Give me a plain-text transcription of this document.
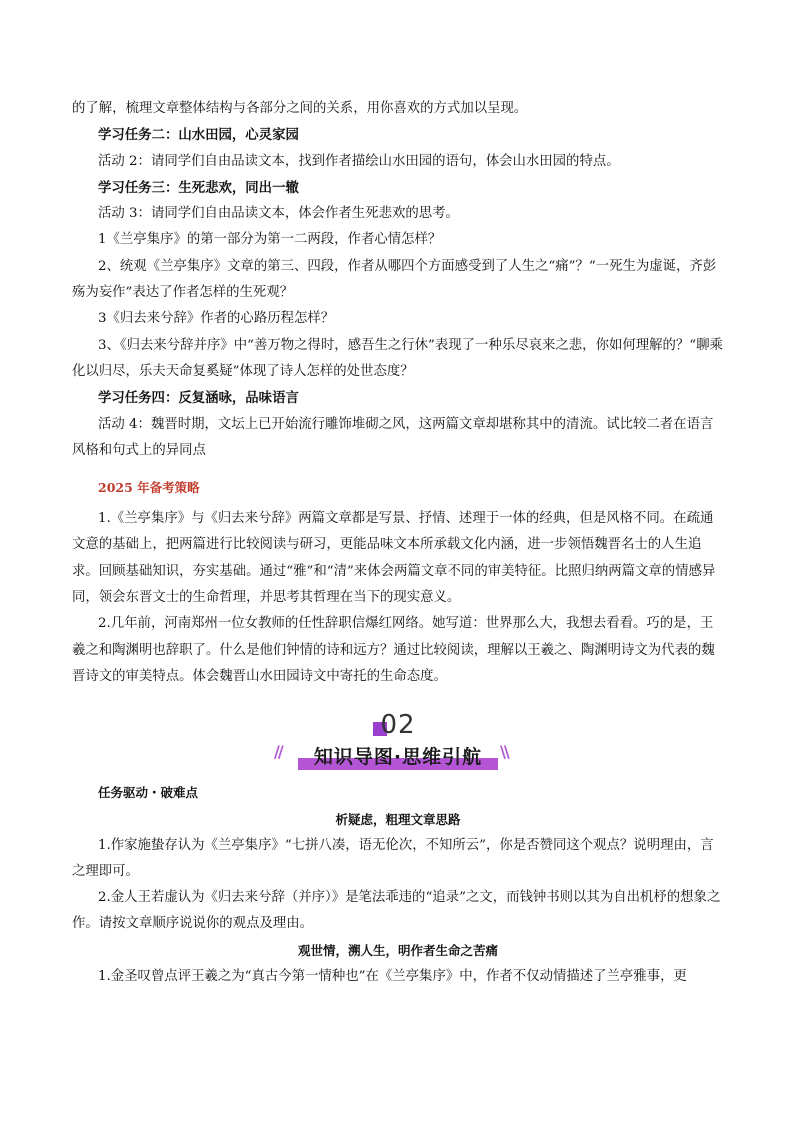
的了解，梳理文章整体结构与各部分之间的关系，用你喜欢的方式加以呈现。

学习任务二：山水田园，心灵家园

活动 2：请同学们自由品读文本，找到作者描绘山水田园的语句，体会山水田园的特点。

学习任务三：生死悲欢，同出一辙

活动 3：请同学们自由品读文本，体会作者生死悲欢的思考。

1《兰亭集序》的第一部分为第一二两段，作者心情怎样？

2、统观《兰亭集序》文章的第三、四段，作者从哪四个方面感受到了人生之“痛”？“一死生为虚诞，齐彭殇为妄作”表达了作者怎样的生死观？

3《归去来兮辞》作者的心路历程怎样？

3、《归去来兮辞并序》中“善万物之得时，感吾生之行休”表现了一种乐尽哀来之悲，你如何理解的？“聊乘化以归尽，乐夫天命复奚疑”体现了诗人怎样的处世态度？

学习任务四：反复涵咏，品味语言

活动 4：魏晋时期，文坛上已开始流行雕饰堆砌之风，这两篇文章却堪称其中的清流。试比较二者在语言风格和句式上的异同点

2025 年备考策略

1.《兰亭集序》与《归去来兮辞》两篇文章都是写景、抒情、述理于一体的经典，但是风格不同。在疏通文意的基础上，把两篇进行比较阅读与研习，更能品味文本所承载文化内涵，进一步领悟魏晋名士的人生追求。回顾基础知识，夯实基础。通过“雅”和“清”来体会两篇文章不同的审美特征。比照归纳两篇文章的情感异同，领会东晋文士的生命哲理，并思考其哲理在当下的现实意义。

2.几年前，河南郑州一位女教师的任性辞职信爆红网络。她写道：世界那么大，我想去看看。巧的是，王羲之和陶渊明也辞职了。什么是他们钟情的诗和远方？通过比较阅读，理解以王羲之、陶渊明诗文为代表的魏晋诗文的审美特点。体会魏晋山水田园诗文中寄托的生命态度。

02
//	知识导图·思维引航	\\

任务驱动・破难点

析疑虑，粗理文章思路

1.作家施蛰存认为《兰亭集序》“七拼八凑，语无伦次，不知所云”，你是否赞同这个观点？说明理由，言之理即可。

2.金人王若虚认为《归去来兮辞（并序）》是笔法乖违的“追录”之文，而钱钟书则以其为自出机杼的想象之作。请按文章顺序说说你的观点及理由。

观世情，溯人生，明作者生命之苦痛

1.金圣叹曾点评王羲之为“真古今第一情种也”在《兰亭集序》中，作者不仅动情描述了兰亭雅事，更
